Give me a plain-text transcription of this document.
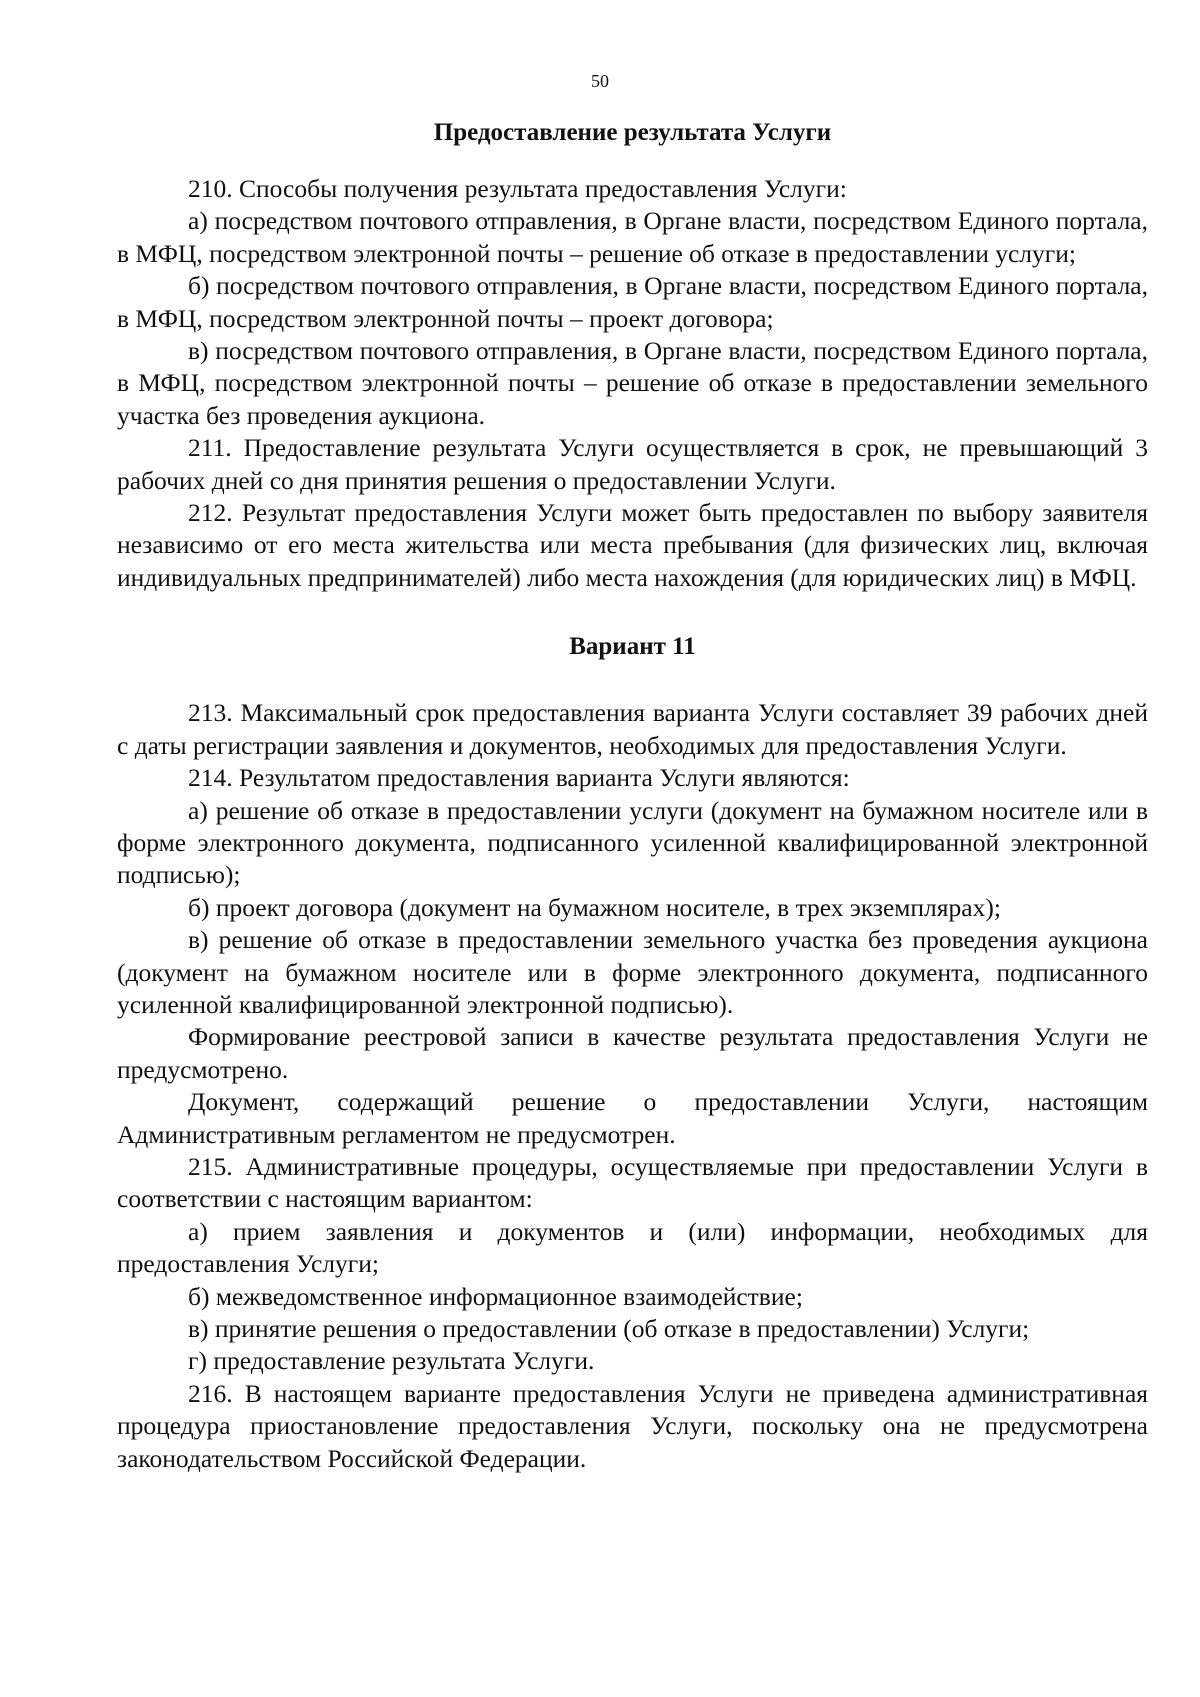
50
Предоставление результата Услуги

210. Способы получения результата предоставления Услуги:

а) посредством почтового отправления, в Органе власти, посредством Единого портала, в МФЦ, посредством электронной почты – решение об отказе в предоставлении услуги;

б) посредством почтового отправления, в Органе власти, посредством Единого портала, в МФЦ, посредством электронной почты – проект договора;

в) посредством почтового отправления, в Органе власти, посредством Единого портала, в МФЦ, посредством электронной почты – решение об отказе в предоставлении земельного участка без проведения аукциона.

211. Предоставление результата Услуги осуществляется в срок, не превышающий 3 рабочих дней со дня принятия решения о предоставлении Услуги.

212. Результат предоставления Услуги может быть предоставлен по выбору заявителя независимо от его места жительства или места пребывания (для физических лиц, включая индивидуальных предпринимателей) либо места нахождения (для юридических лиц) в МФЦ.

Вариант 11

213. Максимальный срок предоставления варианта Услуги составляет 39 рабочих дней с даты регистрации заявления и документов, необходимых для предоставления Услуги.

214. Результатом предоставления варианта Услуги являются:

а) решение об отказе в предоставлении услуги (документ на бумажном носителе или в форме электронного документа, подписанного усиленной квалифицированной электронной подписью);

б) проект договора (документ на бумажном носителе, в трех экземплярах);

в) решение об отказе в предоставлении земельного участка без проведения аукциона (документ на бумажном носителе или в форме электронного документа, подписанного усиленной квалифицированной электронной подписью).

Формирование реестровой записи в качестве результата предоставления Услуги не предусмотрено.

Документ, содержащий решение о предоставлении Услуги, настоящим Административным регламентом не предусмотрен.

215. Административные процедуры, осуществляемые при предоставлении Услуги в соответствии с настоящим вариантом:

а) прием заявления и документов и (или) информации, необходимых для предоставления Услуги;

б) межведомственное информационное взаимодействие;

в) принятие решения о предоставлении (об отказе в предоставлении) Услуги;

г) предоставление результата Услуги.

216. В настоящем варианте предоставления Услуги не приведена административная процедура приостановление предоставления Услуги, поскольку она не предусмотрена законодательством Российской Федерации.
